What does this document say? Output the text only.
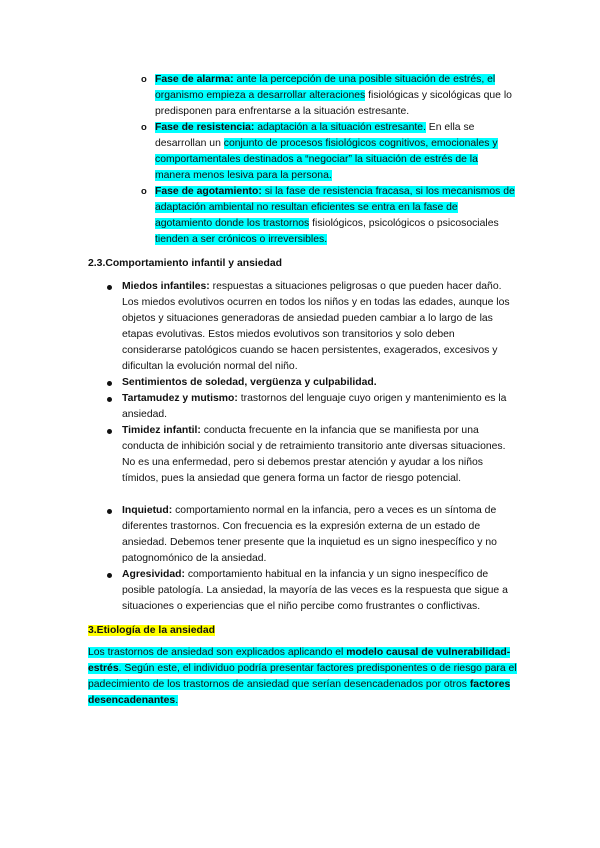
o Fase de alarma: ante la percepción de una posible situación de estrés, el organismo empieza a desarrollar alteraciones fisiológicas y sicológicas que lo predisponen para enfrentarse a la situación estresante.

o Fase de resistencia: adaptación a la situación estresante. En ella se desarrollan un conjunto de procesos fisiológicos cognitivos, emocionales y comportamentales destinados a “negociar” la situación de estrés de la manera menos lesiva para la persona.

o Fase de agotamiento: si la fase de resistencia fracasa, si los mecanismos de adaptación ambiental no resultan eficientes se entra en la fase de agotamiento donde los trastornos fisiológicos, psicológicos o psicosociales tienden a ser crónicos o irreversibles.

2.3.Comportamiento infantil y ansiedad

Miedos infantiles: respuestas a situaciones peligrosas o que pueden hacer daño. Los miedos evolutivos ocurren en todos los niños y en todas las edades, aunque los objetos y situaciones generadoras de ansiedad pueden cambiar a lo largo de las etapas evolutivas. Estos miedos evolutivos son transitorios y solo deben considerarse patológicos cuando se hacen persistentes, exagerados, excesivos y dificultan la evolución normal del niño.

Sentimientos de soledad, vergüenza y culpabilidad.

Tartamudez y mutismo: trastornos del lenguaje cuyo origen y mantenimiento es la ansiedad.

Timidez infantil: conducta frecuente en la infancia que se manifiesta por una conducta de inhibición social y de retraimiento transitorio ante diversas situaciones. No es una enfermedad, pero si debemos prestar atención y ayudar a los niños tímidos, pues la ansiedad que genera forma un factor de riesgo potencial.

Inquietud: comportamiento normal en la infancia, pero a veces es un síntoma de diferentes trastornos. Con frecuencia es la expresión externa de un estado de ansiedad. Debemos tener presente que la inquietud es un signo inespecífico y no patognomónico de la ansiedad.

Agresividad: comportamiento habitual en la infancia y un signo inespecífico de posible patología. La ansiedad, la mayoría de las veces es la respuesta que sigue a situaciones o experiencias que el niño percibe como frustrantes o conflictivas.

3.Etiología de la ansiedad

Los trastornos de ansiedad son explicados aplicando el modelo causal de vulnerabilidad-estrés. Según este, el individuo podría presentar factores predisponentes o de riesgo para el padecimiento de los trastornos de ansiedad que serían desencadenados por otros factores desencadenantes.
